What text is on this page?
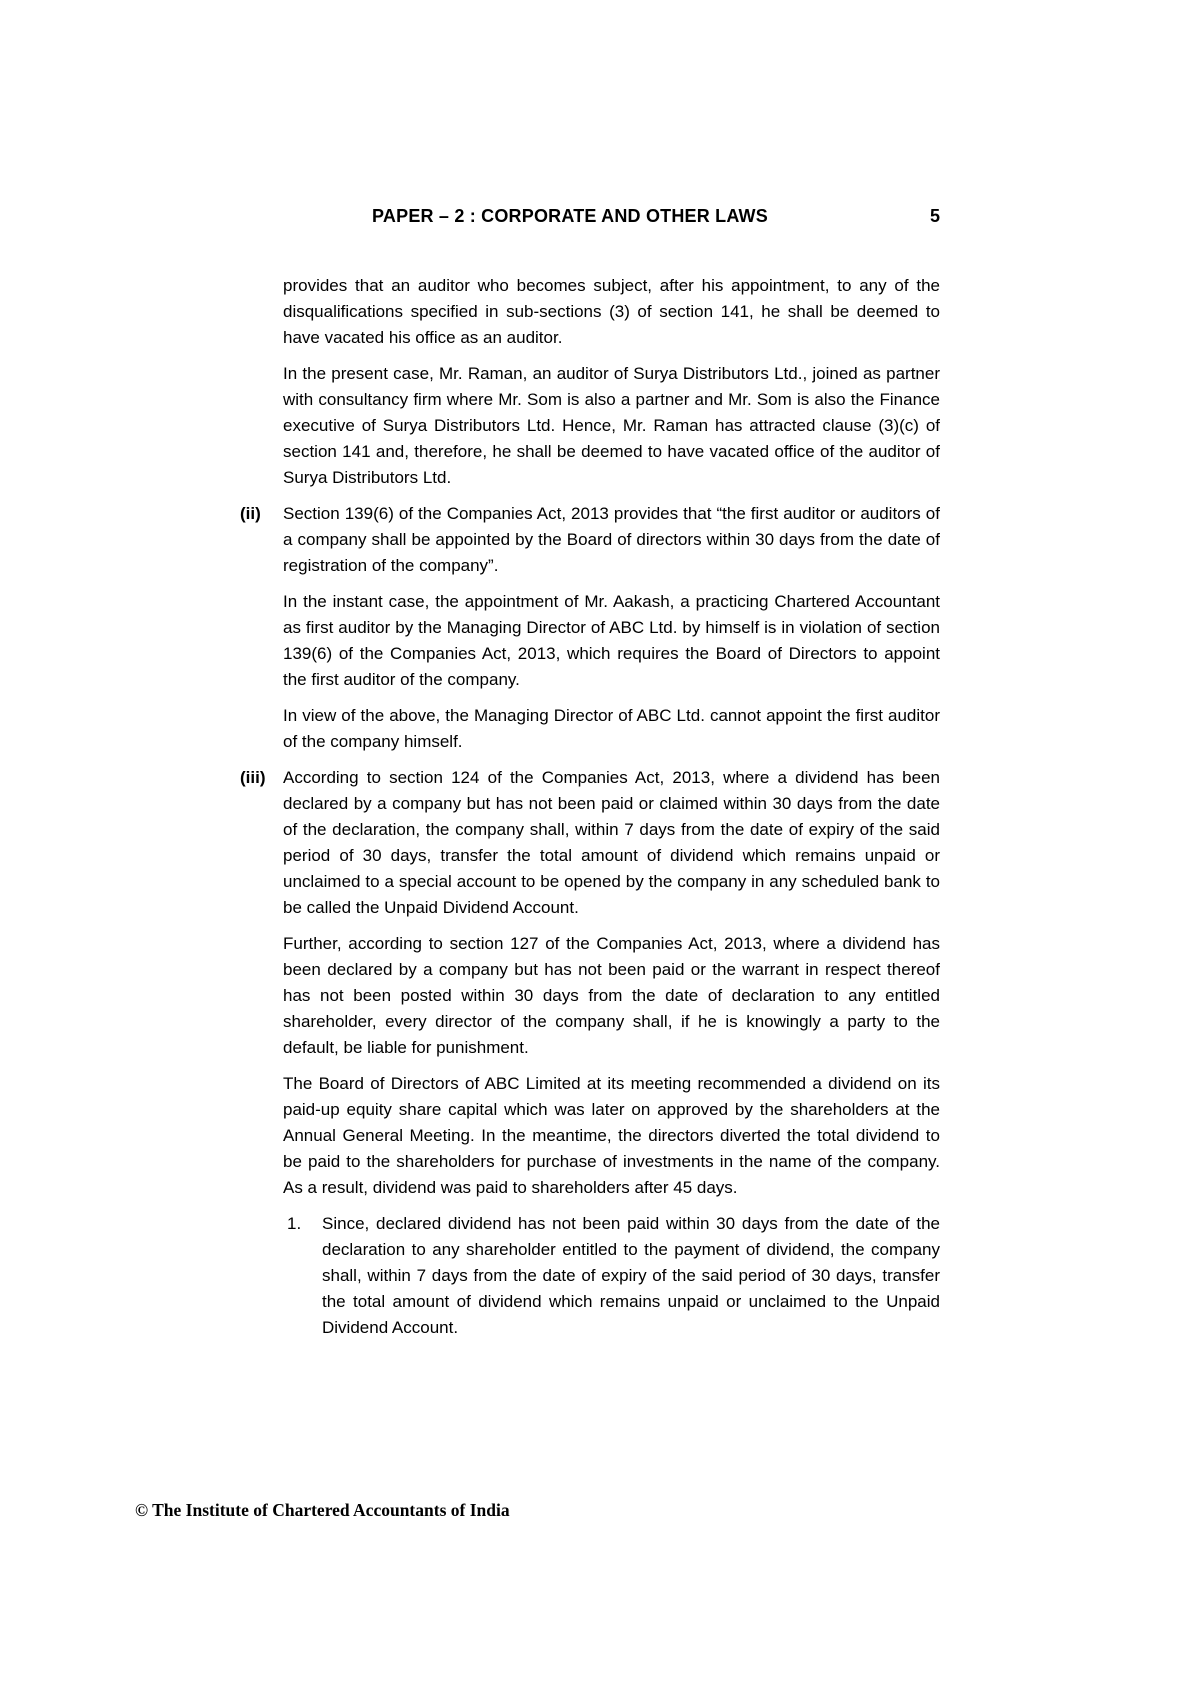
PAPER – 2 : CORPORATE AND OTHER LAWS	5

provides that an auditor who becomes subject, after his appointment, to any of the disqualifications specified in sub-sections (3) of section 141, he shall be deemed to have vacated his office as an auditor.

In the present case, Mr. Raman, an auditor of Surya Distributors Ltd., joined as partner with consultancy firm where Mr. Som is also a partner and Mr. Som is also the Finance executive of Surya Distributors Ltd. Hence, Mr. Raman has attracted clause (3)(c) of section 141 and, therefore, he shall be deemed to have vacated office of the auditor of Surya Distributors Ltd.

(ii)	Section 139(6) of the Companies Act, 2013 provides that “the first auditor or auditors of a company shall be appointed by the Board of directors within 30 days from the date of registration of the company”.

In the instant case, the appointment of Mr. Aakash, a practicing Chartered Accountant as first auditor by the Managing Director of ABC Ltd. by himself is in violation of section 139(6) of the Companies Act, 2013, which requires the Board of Directors to appoint the first auditor of the company.

In view of the above, the Managing Director of ABC Ltd. cannot appoint the first auditor of the company himself.

(iii)	According to section 124 of the Companies Act, 2013, where a dividend has been declared by a company but has not been paid or claimed within 30 days from the date of the declaration, the company shall, within 7 days from the date of expiry of the said period of 30 days, transfer the total amount of dividend which remains unpaid or unclaimed to a special account to be opened by the company in any scheduled bank to be called the Unpaid Dividend Account.

Further, according to section 127 of the Companies Act, 2013, where a dividend has been declared by a company but has not been paid or the warrant in respect thereof has not been posted within 30 days from the date of declaration to any entitled shareholder, every director of the company shall, if he is knowingly a party to the default, be liable for punishment.

The Board of Directors of ABC Limited at its meeting recommended a dividend on its paid-up equity share capital which was later on approved by the shareholders at the Annual General Meeting. In the meantime, the directors diverted the total dividend to be paid to the shareholders for purchase of investments in the name of the company. As a result, dividend was paid to shareholders after 45 days.

1.	Since, declared dividend has not been paid within 30 days from the date of the declaration to any shareholder entitled to the payment of dividend, the company shall, within 7 days from the date of expiry of the said period of 30 days, transfer the total amount of dividend which remains unpaid or unclaimed to the Unpaid Dividend Account.

© The Institute of Chartered Accountants of India
